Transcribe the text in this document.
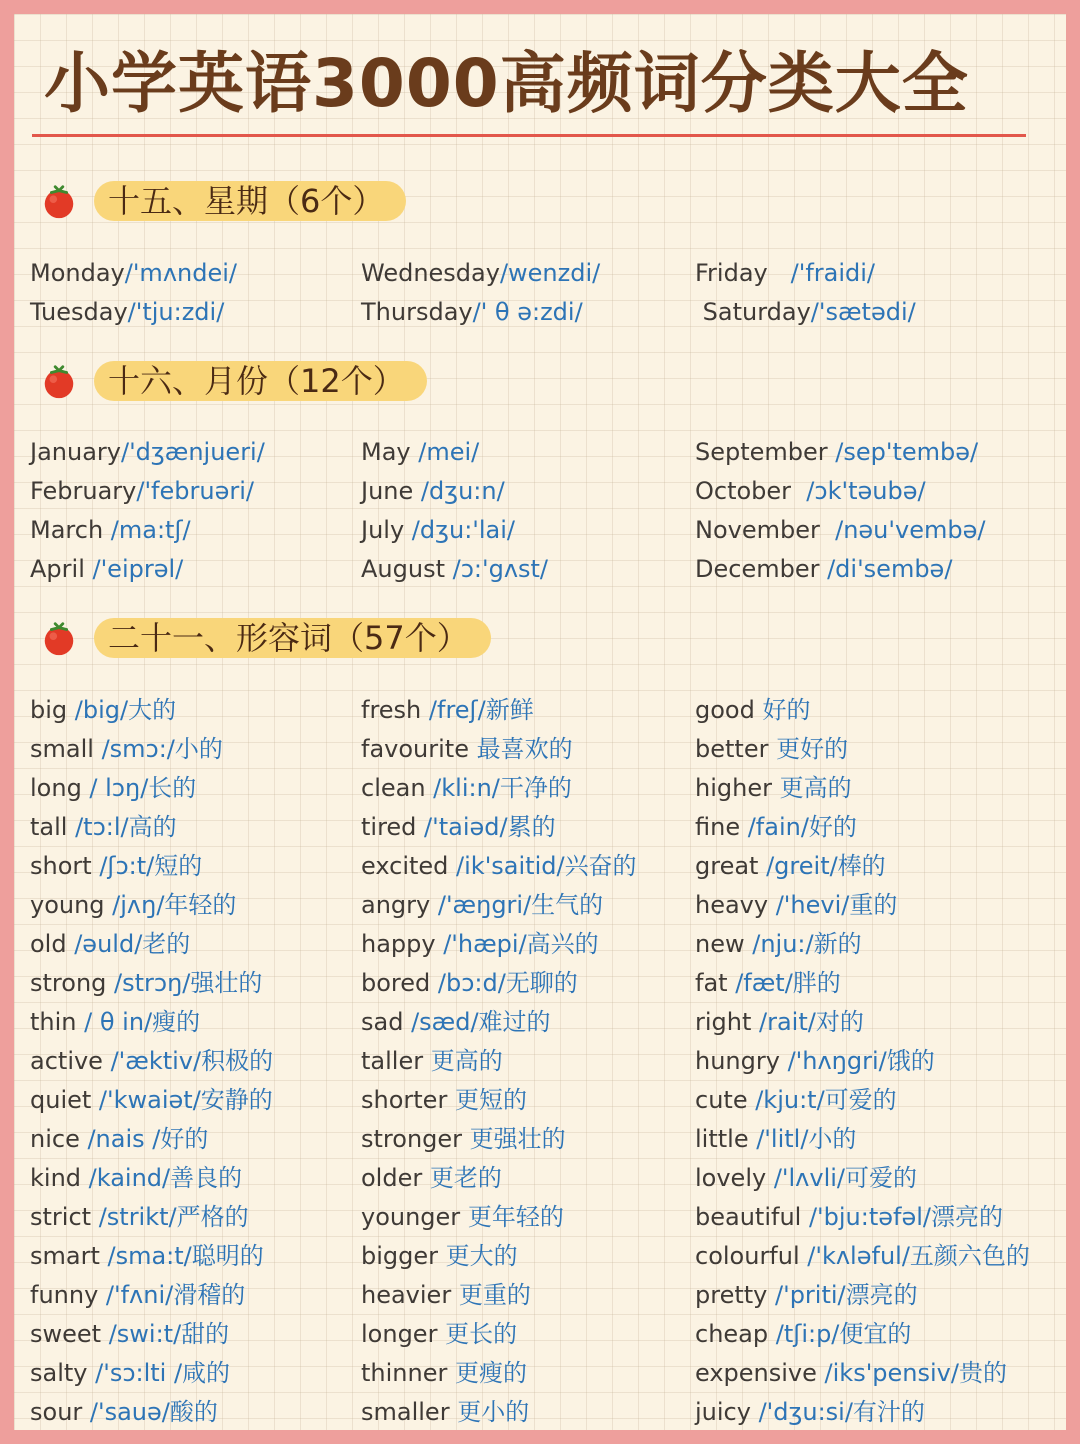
小学英语3000高频词分类大全
十五、星期（6个）
Monday/'mʌndei/
Tuesday/'tju:zdi/
Wednesday/wenzdi/
Thursday/' θ ə:zdi/
Friday   /'fraidi/
Saturday/'sætədi/
十六、月份（12个）
January/'dʒænjueri/
February/'februəri/
March /ma:tʃ/
April /'eiprəl/
May /mei/
June /dʒu:n/
July /dʒu:'lai/
August /ɔ:'gʌst/
September /sep'tembə/
October  /ɔk'təubə/
November  /nəu'vembə/
December /di'sembə/
二十一、形容词（57个）
big /big/大的
small /smɔ:/小的
long / lɔŋ/长的
tall /tɔ:l/高的
short /ʃɔ:t/短的
young /jʌŋ/年轻的
old /əuld/老的
strong /strɔŋ/强壮的
thin / θ in/瘦的
active /'æktiv/积极的
quiet /'kwaiət/安静的
nice /nais /好的
kind /kaind/善良的
strict /strikt/严格的
smart /sma:t/聪明的
funny /'fʌni/滑稽的
sweet /swi:t/甜的
salty /'sɔ:lti /咸的
sour /'sauə/酸的
fresh /freʃ/新鲜
favourite 最喜欢的
clean /kli:n/干净的
tired /'taiəd/累的
excited /ik'saitid/兴奋的
angry /'æŋgri/生气的
happy /'hæpi/高兴的
bored /bɔ:d/无聊的
sad /sæd/难过的
taller 更高的
shorter 更短的
stronger 更强壮的
older 更老的
younger 更年轻的
bigger 更大的
heavier 更重的
longer 更长的
thinner 更瘦的
smaller 更小的
good 好的
better 更好的
higher 更高的
fine /fain/好的
great /greit/棒的
heavy /'hevi/重的
new /nju:/新的
fat /fæt/胖的
right /rait/对的
hungry /'hʌŋgri/饿的
cute /kju:t/可爱的
little /'litl/小的
lovely /'lʌvli/可爱的
beautiful /'bju:təfəl/漂亮的
colourful /'kʌləful/五颜六色的
pretty /'priti/漂亮的
cheap /tʃi:p/便宜的
expensive /iks'pensiv/贵的
juicy /'dʒu:si/有汁的
